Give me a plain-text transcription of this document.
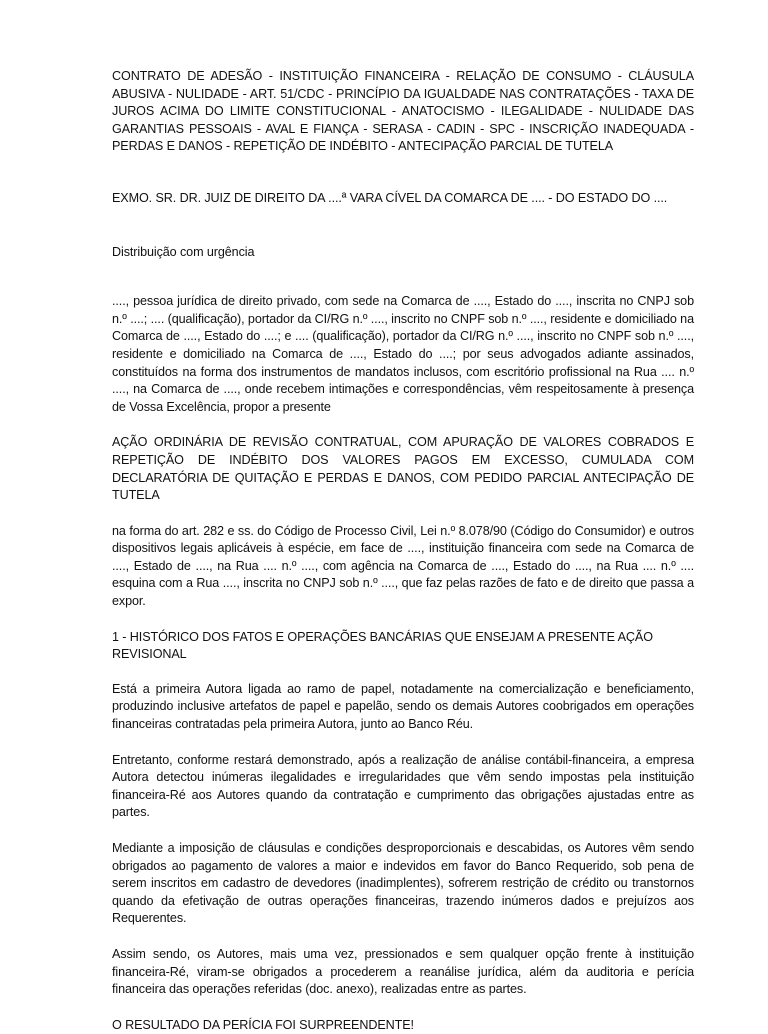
CONTRATO DE ADESÃO - INSTITUIÇÃO FINANCEIRA - RELAÇÃO DE CONSUMO - CLÁUSULA ABUSIVA - NULIDADE - ART. 51/CDC - PRINCÍPIO DA IGUALDADE NAS CONTRATAÇÕES - TAXA DE JUROS ACIMA DO LIMITE CONSTITUCIONAL - ANATOCISMO - ILEGALIDADE - NULIDADE DAS GARANTIAS PESSOAIS - AVAL E FIANÇA - SERASA - CADIN - SPC - INSCRIÇÃO INADEQUADA - PERDAS E DANOS - REPETIÇÃO DE INDÉBITO - ANTECIPAÇÃO PARCIAL DE TUTELA

EXMO. SR. DR. JUIZ DE DIREITO DA ....ª VARA CÍVEL DA COMARCA DE .... - DO ESTADO DO ....

Distribuição com urgência

...., pessoa jurídica de direito privado, com sede na Comarca de ...., Estado do ...., inscrita no CNPJ sob n.º ....; .... (qualificação), portador da CI/RG n.º ...., inscrito no CNPF sob n.º ...., residente e domiciliado na Comarca de ...., Estado do ....; e .... (qualificação), portador da CI/RG n.º ...., inscrito no CNPF sob n.º ...., residente e domiciliado na Comarca de ...., Estado do ....; por seus advogados adiante assinados, constituídos na forma dos instrumentos de mandatos inclusos, com escritório profissional na Rua .... n.º ...., na Comarca de ...., onde recebem intimações e correspondências, vêm respeitosamente à presença de Vossa Excelência, propor a presente

AÇÃO ORDINÁRIA DE REVISÃO CONTRATUAL, COM APURAÇÃO DE VALORES COBRADOS E REPETIÇÃO DE INDÉBITO DOS VALORES PAGOS EM EXCESSO, CUMULADA COM DECLARATÓRIA DE QUITAÇÃO E PERDAS E DANOS, COM PEDIDO PARCIAL ANTECIPAÇÃO DE TUTELA

na forma do art. 282 e ss. do Código de Processo Civil, Lei n.º 8.078/90 (Código do Consumidor) e outros dispositivos legais aplicáveis à espécie, em face de ...., instituição financeira com sede na Comarca de ...., Estado de ...., na Rua .... n.º ...., com agência na Comarca de ...., Estado do ...., na Rua .... n.º .... esquina com a Rua ...., inscrita no CNPJ sob n.º ...., que faz pelas razões de fato e de direito que passa a expor.

1 - HISTÓRICO DOS FATOS E OPERAÇÕES BANCÁRIAS QUE ENSEJAM A PRESENTE AÇÃO REVISIONAL

Está a primeira Autora ligada ao ramo de papel, notadamente na comercialização e beneficiamento, produzindo inclusive artefatos de papel e papelão, sendo os demais Autores coobrigados em operações financeiras contratadas pela primeira Autora, junto ao Banco Réu.

Entretanto, conforme restará demonstrado, após a realização de análise contábil-financeira, a empresa Autora detectou inúmeras ilegalidades e irregularidades que vêm sendo impostas pela instituição financeira-Ré aos Autores quando da contratação e cumprimento das obrigações ajustadas entre as partes.

Mediante a imposição de cláusulas e condições desproporcionais e descabidas, os Autores vêm sendo obrigados ao pagamento de valores a maior e indevidos em favor do Banco Requerido, sob pena de serem inscritos em cadastro de devedores (inadimplentes), sofrerem restrição de crédito ou transtornos quando da efetivação de outras operações financeiras, trazendo inúmeros dados e prejuízos aos Requerentes.

Assim sendo, os Autores, mais uma vez, pressionados e sem qualquer opção frente à instituição financeira-Ré, viram-se obrigados a procederem a reanálise jurídica, além da auditoria e perícia financeira das operações referidas (doc. anexo), realizadas entre as partes.

O RESULTADO DA PERÍCIA FOI SURPREENDENTE!
